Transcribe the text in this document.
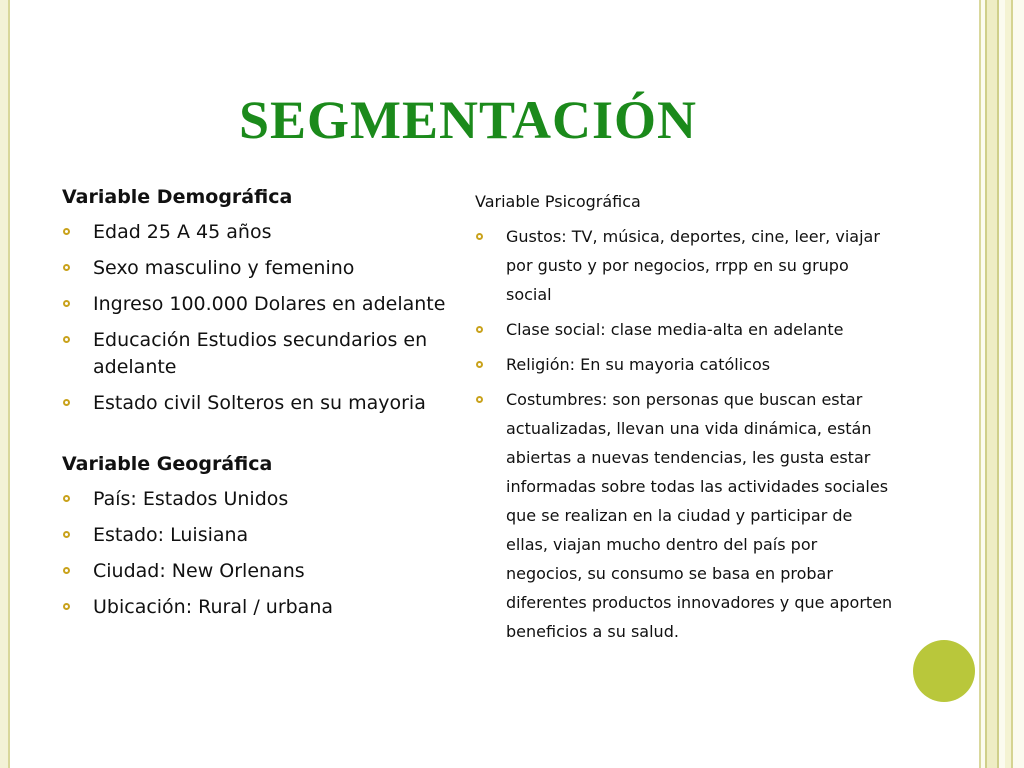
SEGMENTACIÓN
Variable Demográfica
Edad 25 A 45 años
Sexo masculino y femenino
Ingreso 100.000 Dolares en adelante
Educación Estudios secundarios en adelante
Estado civil Solteros en su mayoria
Variable Geográfica
País: Estados Unidos
Estado: Luisiana
Ciudad: New Orlenans
Ubicación: Rural / urbana
Variable Psicográfica
Gustos: TV, música, deportes, cine, leer, viajar por gusto y por negocios, rrpp en su grupo social
Clase social: clase media-alta en adelante
Religión: En su mayoria católicos
Costumbres: son personas que buscan estar actualizadas, llevan una vida dinámica, están abiertas a nuevas tendencias, les gusta estar informadas sobre todas las actividades sociales que se realizan en la ciudad y participar de ellas, viajan mucho dentro del país por negocios, su consumo se basa en probar diferentes productos innovadores y que aporten beneficios a su salud.
